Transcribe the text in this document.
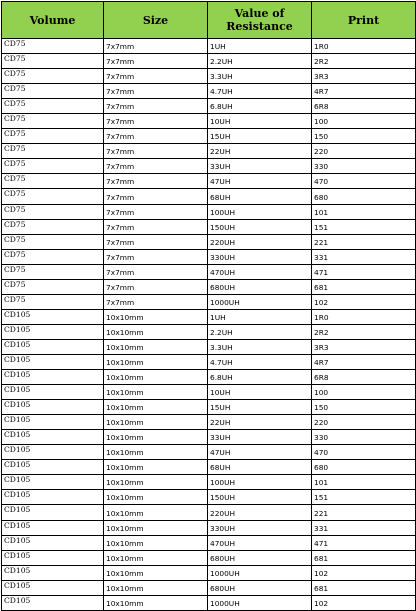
Volume	Size	Value of Resistance	Print
CD75	7x7mm	1UH	1R0
CD75	7x7mm	2.2UH	2R2
CD75	7x7mm	3.3UH	3R3
CD75	7x7mm	4.7UH	4R7
CD75	7x7mm	6.8UH	6R8
CD75	7x7mm	10UH	100
CD75	7x7mm	15UH	150
CD75	7x7mm	22UH	220
CD75	7x7mm	33UH	330
CD75	7x7mm	47UH	470
CD75	7x7mm	68UH	680
CD75	7x7mm	100UH	101
CD75	7x7mm	150UH	151
CD75	7x7mm	220UH	221
CD75	7x7mm	330UH	331
CD75	7x7mm	470UH	471
CD75	7x7mm	680UH	681
CD75	7x7mm	1000UH	102
CD105	10x10mm	1UH	1R0
CD105	10x10mm	2.2UH	2R2
CD105	10x10mm	3.3UH	3R3
CD105	10x10mm	4.7UH	4R7
CD105	10x10mm	6.8UH	6R8
CD105	10x10mm	10UH	100
CD105	10x10mm	15UH	150
CD105	10x10mm	22UH	220
CD105	10x10mm	33UH	330
CD105	10x10mm	47UH	470
CD105	10x10mm	68UH	680
CD105	10x10mm	100UH	101
CD105	10x10mm	150UH	151
CD105	10x10mm	220UH	221
CD105	10x10mm	330UH	331
CD105	10x10mm	470UH	471
CD105	10x10mm	680UH	681
CD105	10x10mm	1000UH	102
CD105	10x10mm	680UH	681
CD105	10x10mm	1000UH	102
